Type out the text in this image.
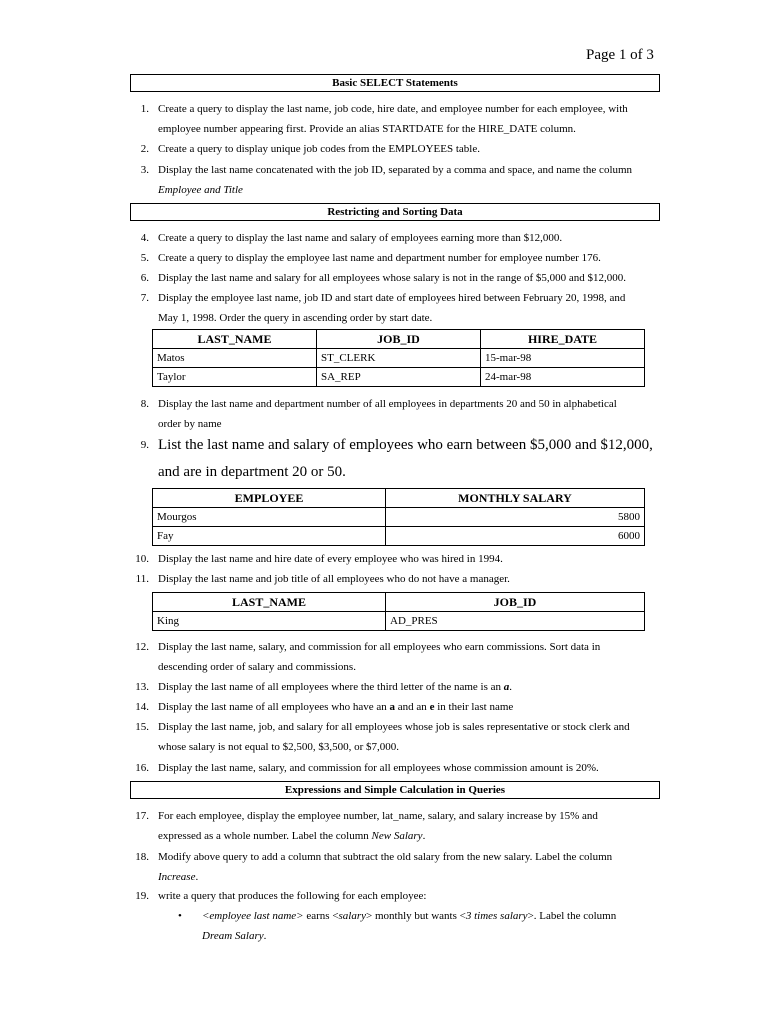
Page 1 of 3
Basic SELECT Statements
1. Create a query to display the last name, job code, hire date, and employee number for each employee, with
employee number appearing first. Provide an alias STARTDATE for the HIRE_DATE column.
2. Create a query to display unique job codes from the EMPLOYEES table.
3. Display the last name concatenated with the job ID, separated by a comma and space, and name the column
Employee and Title
Restricting and Sorting Data
4. Create a query to display the last name and salary of employees earning more than $12,000.
5. Create a query to display the employee last name and department number for employee number 176.
6. Display the last name and salary for all employees whose salary is not in the range of $5,000 and $12,000.
7. Display the employee last name, job ID and start date of employees hired between February 20, 1998, and
May 1, 1998. Order the query in ascending order by start date.
LAST_NAME	JOB_ID	HIRE_DATE
Matos	ST_CLERK	15-mar-98
Taylor	SA_REP	24-mar-98
8. Display the last name and department number of all employees in departments 20 and 50 in alphabetical
order by name
9. List the last name and salary of employees who earn between $5,000 and $12,000,
and are in department 20 or 50.
EMPLOYEE	MONTHLY SALARY
Mourgos	5800
Fay	6000
10. Display the last name and hire date of every employee who was hired in 1994.
11. Display the last name and job title of all employees who do not have a manager.
LAST_NAME	JOB_ID
King	AD_PRES
12. Display the last name, salary, and commission for all employees who earn commissions. Sort data in
descending order of salary and commissions.
13. Display the last name of all employees where the third letter of the name is an a.
14. Display the last name of all employees who have an a and an e in their last name
15. Display the last name, job, and salary for all employees whose job is sales representative or stock clerk and
whose salary is not equal to $2,500, $3,500, or $7,000.
16. Display the last name, salary, and commission for all employees whose commission amount is 20%.
Expressions and Simple Calculation in Queries
17. For each employee, display the employee number, lat_name, salary, and salary increase by 15% and
expressed as a whole number. Label the column New Salary.
18. Modify above query to add a column that subtract the old salary from the new salary. Label the column
Increase.
19. write a query that produces the following for each employee:
• <employee last name> earns <salary> monthly but wants <3 times salary>. Label the column
Dream Salary.
